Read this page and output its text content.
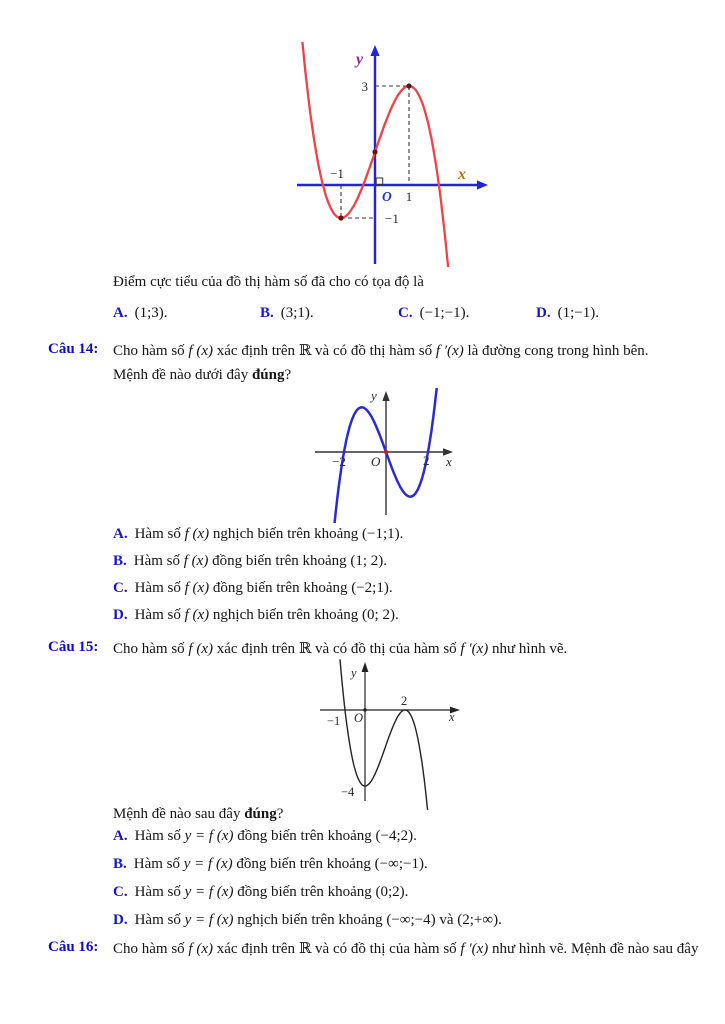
y
x
3
−1
O 1
−1
Điểm cực tiểu của đồ thị hàm số đã cho có tọa độ là
A. (1;3).	B. (3;1).	C. (−1;−1).	D. (1;−1).
Câu 14: Cho hàm số f (x) xác định trên ℝ và có đồ thị hàm số f ′(x) là đường cong trong hình bên.
Mệnh đề nào dưới đây đúng?
y
x
O
−2	2
A. Hàm số f (x) nghịch biến trên khoảng (−1;1).
B. Hàm số f (x) đồng biến trên khoảng (1; 2).
C. Hàm số f (x) đồng biến trên khoảng (−2;1).
D. Hàm số f (x) nghịch biến trên khoảng (0; 2).
Câu 15: Cho hàm số f (x) xác định trên ℝ và có đồ thị của hàm số f ′(x) như hình vẽ.
y
x
O
−1
2
−4
Mệnh đề nào sau đây đúng?
A. Hàm số y = f (x) đồng biến trên khoảng (−4;2).
B. Hàm số y = f (x) đồng biến trên khoảng (−∞;−1).
C. Hàm số y = f (x) đồng biến trên khoảng (0;2).
D. Hàm số y = f (x) nghịch biến trên khoảng (−∞;−4) và (2;+∞).
Câu 16: Cho hàm số f (x) xác định trên ℝ và có đồ thị của hàm số f ′(x) như hình vẽ. Mệnh đề nào sau đây
